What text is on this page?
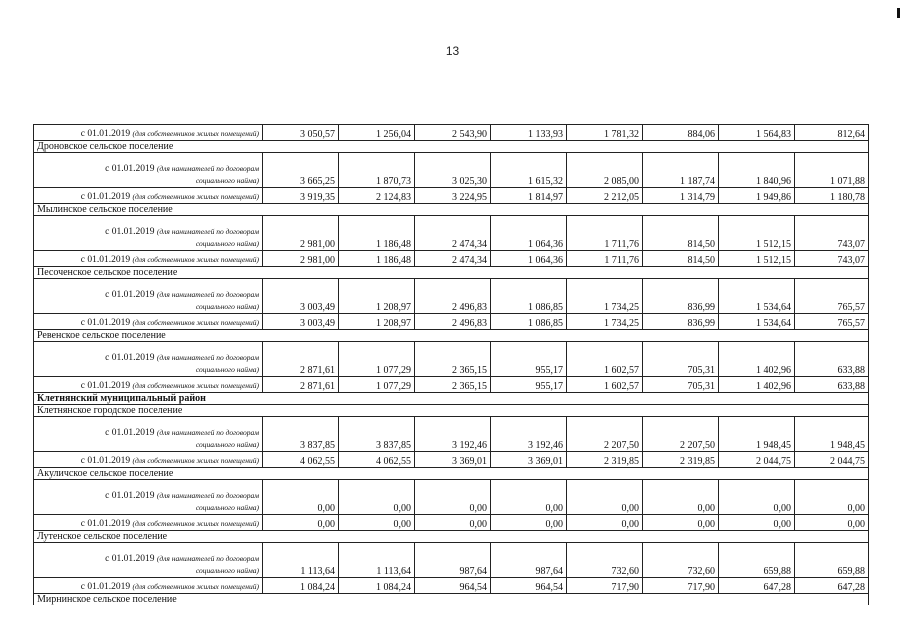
13
с 01.01.2019 (для собственников жилых помещений)	3 050,57	1 256,04	2 543,90	1 133,93	1 781,32	884,06	1 564,83	812,64
Дроновское сельское поселение								

с 01.01.2019 (для нанимателей по договорам
социального найма)	3 665,25	1 870,73	3 025,30	1 615,32	2 085,00	1 187,74	1 840,96	1 071,88

с 01.01.2019 (для собственников жилых помещений)	3 919,35	2 124,83	3 224,95	1 814,97	2 212,05	1 314,79	1 949,86	1 180,78
Мылинское сельское поселение								

с 01.01.2019 (для нанимателей по договорам
социального найма)	2 981,00	1 186,48	2 474,34	1 064,36	1 711,76	814,50	1 512,15	743,07

с 01.01.2019 (для собственников жилых помещений)	2 981,00	1 186,48	2 474,34	1 064,36	1 711,76	814,50	1 512,15	743,07
Песоченское сельское поселение								

с 01.01.2019 (для нанимателей по договорам
социального найма)	3 003,49	1 208,97	2 496,83	1 086,85	1 734,25	836,99	1 534,64	765,57

с 01.01.2019 (для собственников жилых помещений)	3 003,49	1 208,97	2 496,83	1 086,85	1 734,25	836,99	1 534,64	765,57
Ревенское сельское поселение								

с 01.01.2019 (для нанимателей по договорам
социального найма)	2 871,61	1 077,29	2 365,15	955,17	1 602,57	705,31	1 402,96	633,88

с 01.01.2019 (для собственников жилых помещений)	2 871,61	1 077,29	2 365,15	955,17	1 602,57	705,31	1 402,96	633,88
Клетнянский муниципальный район								
Клетнянское городское поселение								

с 01.01.2019 (для нанимателей по договорам
социального найма)	3 837,85	3 837,85	3 192,46	3 192,46	2 207,50	2 207,50	1 948,45	1 948,45

с 01.01.2019 (для собственников жилых помещений)	4 062,55	4 062,55	3 369,01	3 369,01	2 319,85	2 319,85	2 044,75	2 044,75
Акуличское сельское поселение								

с 01.01.2019 (для нанимателей по договорам
социального найма)	0,00	0,00	0,00	0,00	0,00	0,00	0,00	0,00

с 01.01.2019 (для собственников жилых помещений)	0,00	0,00	0,00	0,00	0,00	0,00	0,00	0,00
Лутенское сельское поселение								

с 01.01.2019 (для нанимателей по договорам
социального найма)	1 113,64	1 113,64	987,64	987,64	732,60	732,60	659,88	659,88

с 01.01.2019 (для собственников жилых помещений)	1 084,24	1 084,24	964,54	964,54	717,90	717,90	647,28	647,28
Мирнинское сельское поселение								
